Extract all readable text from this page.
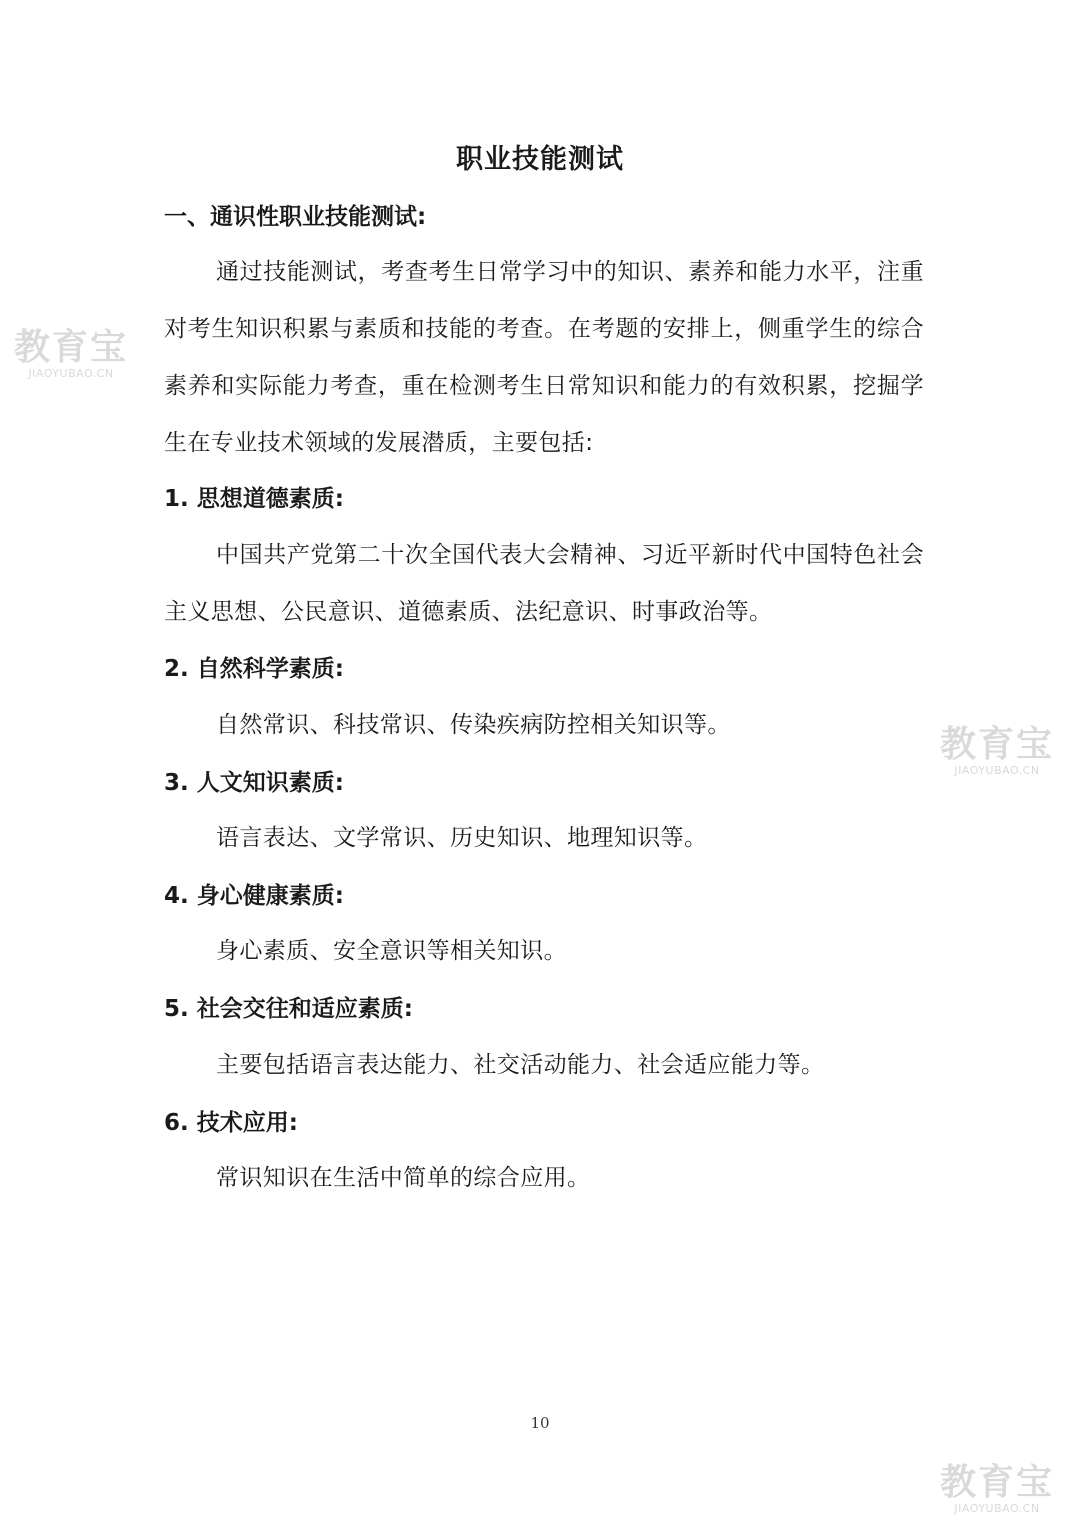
职业技能测试
一、通识性职业技能测试:
通过技能测试，考查考生日常学习中的知识、素养和能力水平，注重对考生知识积累与素质和技能的考查。在考题的安排上，侧重学生的综合素养和实际能力考查，重在检测考生日常知识和能力的有效积累，挖掘学生在专业技术领域的发展潜质，主要包括:
1. 思想道德素质:
中国共产党第二十次全国代表大会精神、习近平新时代中国特色社会主义思想、公民意识、道德素质、法纪意识、时事政治等。
2. 自然科学素质:
自然常识、科技常识、传染疾病防控相关知识等。
3. 人文知识素质:
语言表达、文学常识、历史知识、地理知识等。
4. 身心健康素质:
身心素质、安全意识等相关知识。
5. 社会交往和适应素质:
主要包括语言表达能力、社交活动能力、社会适应能力等。
6. 技术应用:
常识知识在生活中简单的综合应用。
10
教育宝
JIAOYUBAO.CN
教育宝
JIAOYUBAO.CN
教育宝
JIAOYUBAO.CN
